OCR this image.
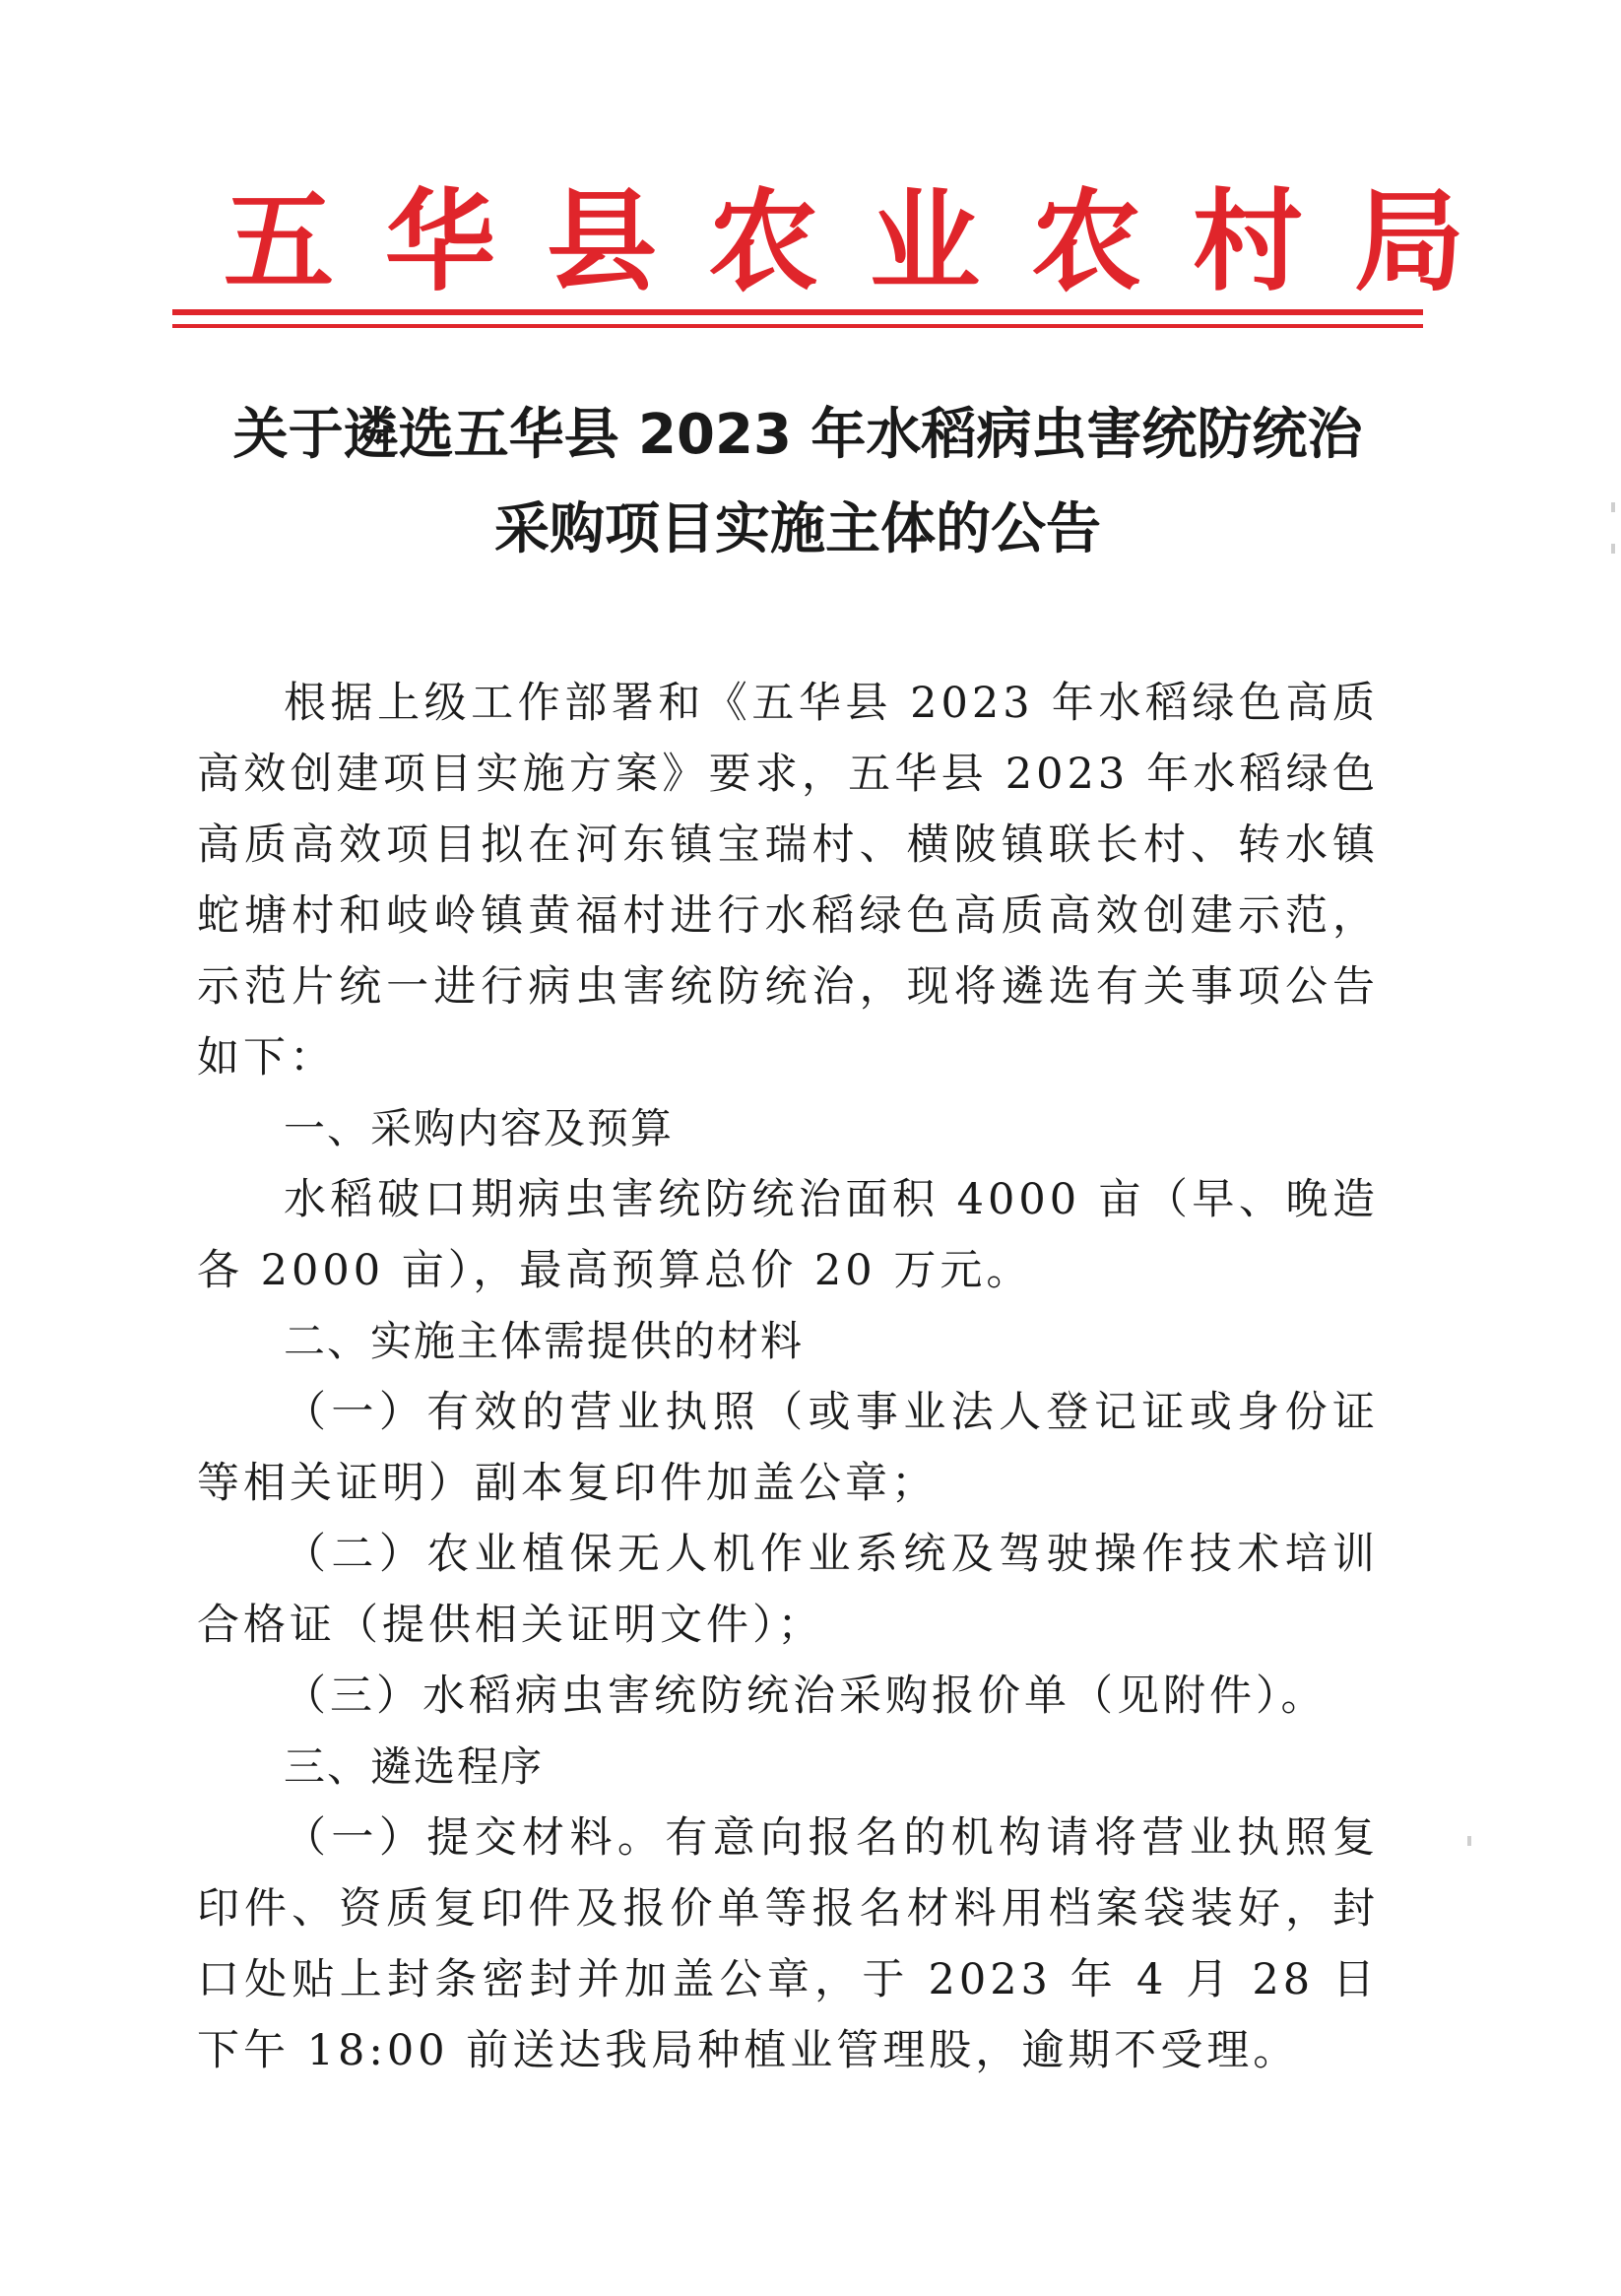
五华县农业农村局
关于遴选五华县 2023 年水稻病虫害统防统治
采购项目实施主体的公告

根据上级工作部署和《五华县 2023 年水稻绿色高质高效创建项目实施方案》要求，五华县 2023 年水稻绿色高质高效项目拟在河东镇宝瑞村、横陂镇联长村、转水镇蛇塘村和岐岭镇黄福村进行水稻绿色高质高效创建示范，示范片统一进行病虫害统防统治，现将遴选有关事项公告如下：

一、采购内容及预算

水稻破口期病虫害统防统治面积 4000 亩（早、晚造各 2000 亩），最高预算总价 20 万元。

二、实施主体需提供的材料

（一）有效的营业执照（或事业法人登记证或身份证等相关证明）副本复印件加盖公章；

（二）农业植保无人机作业系统及驾驶操作技术培训合格证（提供相关证明文件）；

（三）水稻病虫害统防统治采购报价单（见附件）。

三、遴选程序

（一）提交材料。有意向报名的机构请将营业执照复印件、资质复印件及报价单等报名材料用档案袋装好，封口处贴上封条密封并加盖公章，于 2023 年 4 月 28 日下午 18:00 前送达我局种植业管理股，逾期不受理。
